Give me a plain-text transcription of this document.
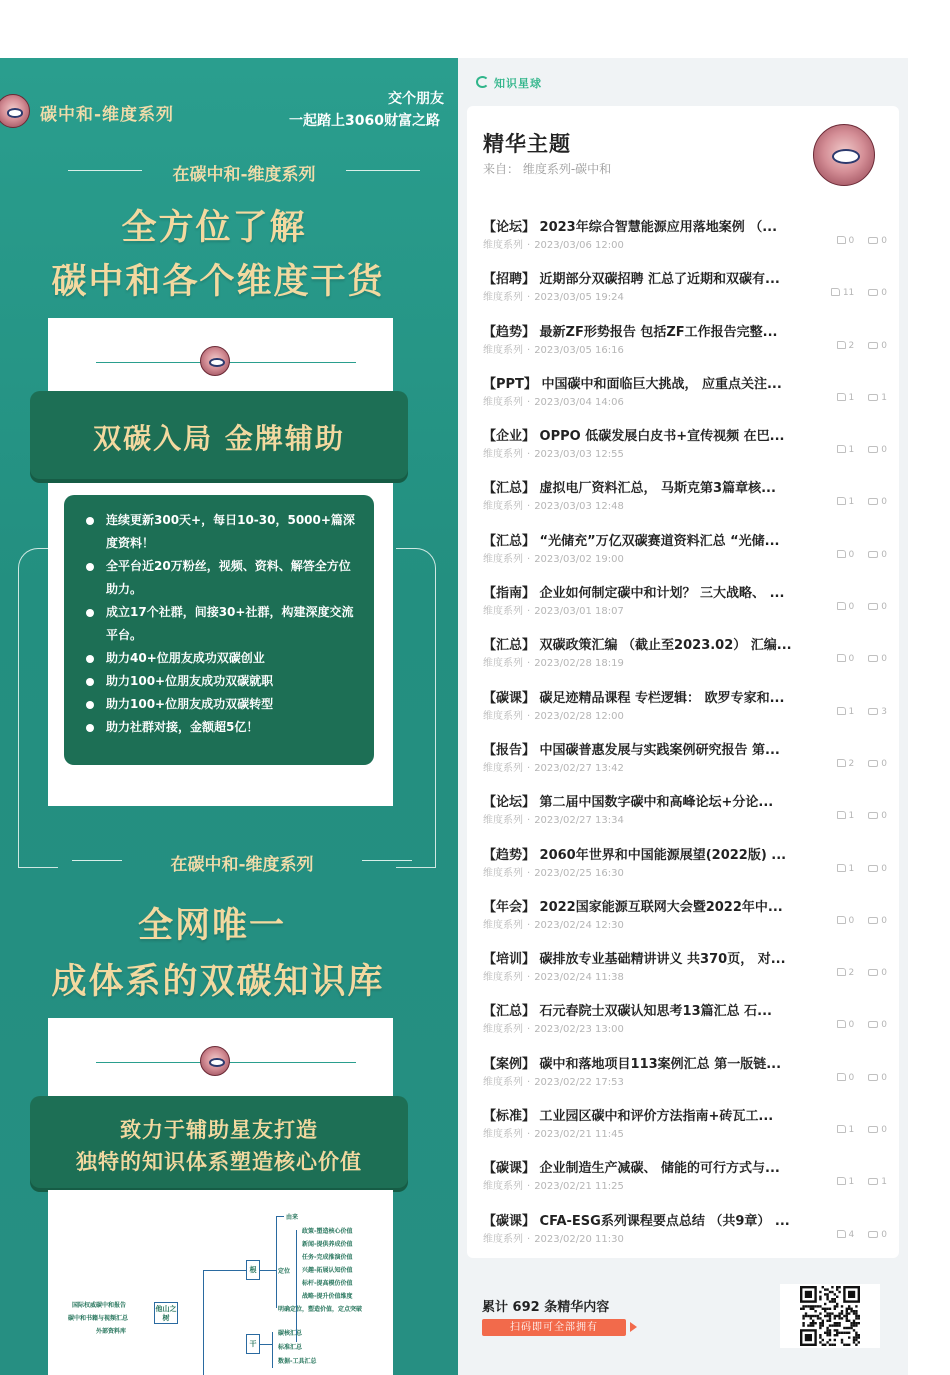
碳中和-维度系列
交个朋友
一起踏上3060财富之路
在碳中和-维度系列
全方位了解
碳中和各个维度干货
双碳入局 金牌辅助
连续更新300天+，每日10-30，5000+篇深度资料！
全平台近20万粉丝，视频、资料、解答全方位助力。
成立17个社群，间接30+社群，构建深度交流平台。
助力40+位朋友成功双碳创业
助力100+位朋友成功双碳就职
助力100+位朋友成功双碳转型
助力社群对接，金额超5亿！
在碳中和-维度系列
全网唯一
成体系的双碳知识库
致力于辅助星友打造
独特的知识体系塑造核心价值
由来
根	定位
政策-塑造核心价值
新闻-提供养成价值
任务-完成推演价值
兴趣-拓展认知价值
标杆-提高模仿价值
战略-提升价值维度
明确定位，塑造价值，定点突破
他山之树
国际权威碳中和报告
碳中和书籍与视频汇总
外部资料库
干
碳核汇总
标准汇总
数据-工具汇总
知识星球
精华主题
来自： 维度系列-碳中和
【论坛】 2023年综合智慧能源应用落地案例 （...
维度系列 · 2023/03/06 12:00	0	0
【招聘】 近期部分双碳招聘 汇总了近期和双碳有...
维度系列 · 2023/03/05 19:24	11	0
【趋势】 最新ZF形势报告 包括ZF工作报告完整...
维度系列 · 2023/03/05 16:16	2	0
【PPT】 中国碳中和面临巨大挑战， 应重点关注...
维度系列 · 2023/03/04 14:06	1	1
【企业】 OPPO 低碳发展白皮书+宣传视频 在巴...
维度系列 · 2023/03/03 12:55	1	0
【汇总】 虚拟电厂资料汇总， 马斯克第3篇章核...
维度系列 · 2023/03/03 12:48	1	0
【汇总】 “光储充”万亿双碳赛道资料汇总 “光储...
维度系列 · 2023/03/02 19:00	0	0
【指南】 企业如何制定碳中和计划？ 三大战略、 ...
维度系列 · 2023/03/01 18:07	0	0
【汇总】 双碳政策汇编 （截止至2023.02） 汇编...
维度系列 · 2023/02/28 18:19	0	0
【碳课】 碳足迹精品课程 专栏逻辑： 欧罗专家和...
维度系列 · 2023/02/28 12:00	1	3
【报告】 中国碳普惠发展与实践案例研究报告 第...
维度系列 · 2023/02/27 13:42	2	0
【论坛】 第二届中国数字碳中和高峰论坛+分论...
维度系列 · 2023/02/27 13:34	1	0
【趋势】 2060年世界和中国能源展望(2022版) ...
维度系列 · 2023/02/25 16:30	1	0
【年会】 2022国家能源互联网大会暨2022年中...
维度系列 · 2023/02/24 12:30	0	0
【培训】 碳排放专业基础精讲讲义 共370页， 对...
维度系列 · 2023/02/24 11:38	2	0
【汇总】 石元春院士双碳认知思考13篇汇总 石...
维度系列 · 2023/02/23 13:00	0	0
【案例】 碳中和落地项目113案例汇总 第一版链...
维度系列 · 2023/02/22 17:53	0	0
【标准】 工业园区碳中和评价方法指南+砖瓦工...
维度系列 · 2023/02/21 11:45	1	0
【碳课】 企业制造生产减碳、 储能的可行方式与...
维度系列 · 2023/02/21 11:25	1	1
【碳课】 CFA-ESG系列课程要点总结 （共9章） ...
维度系列 · 2023/02/20 11:30	4	0
累计 692 条精华内容
扫码即可全部拥有
